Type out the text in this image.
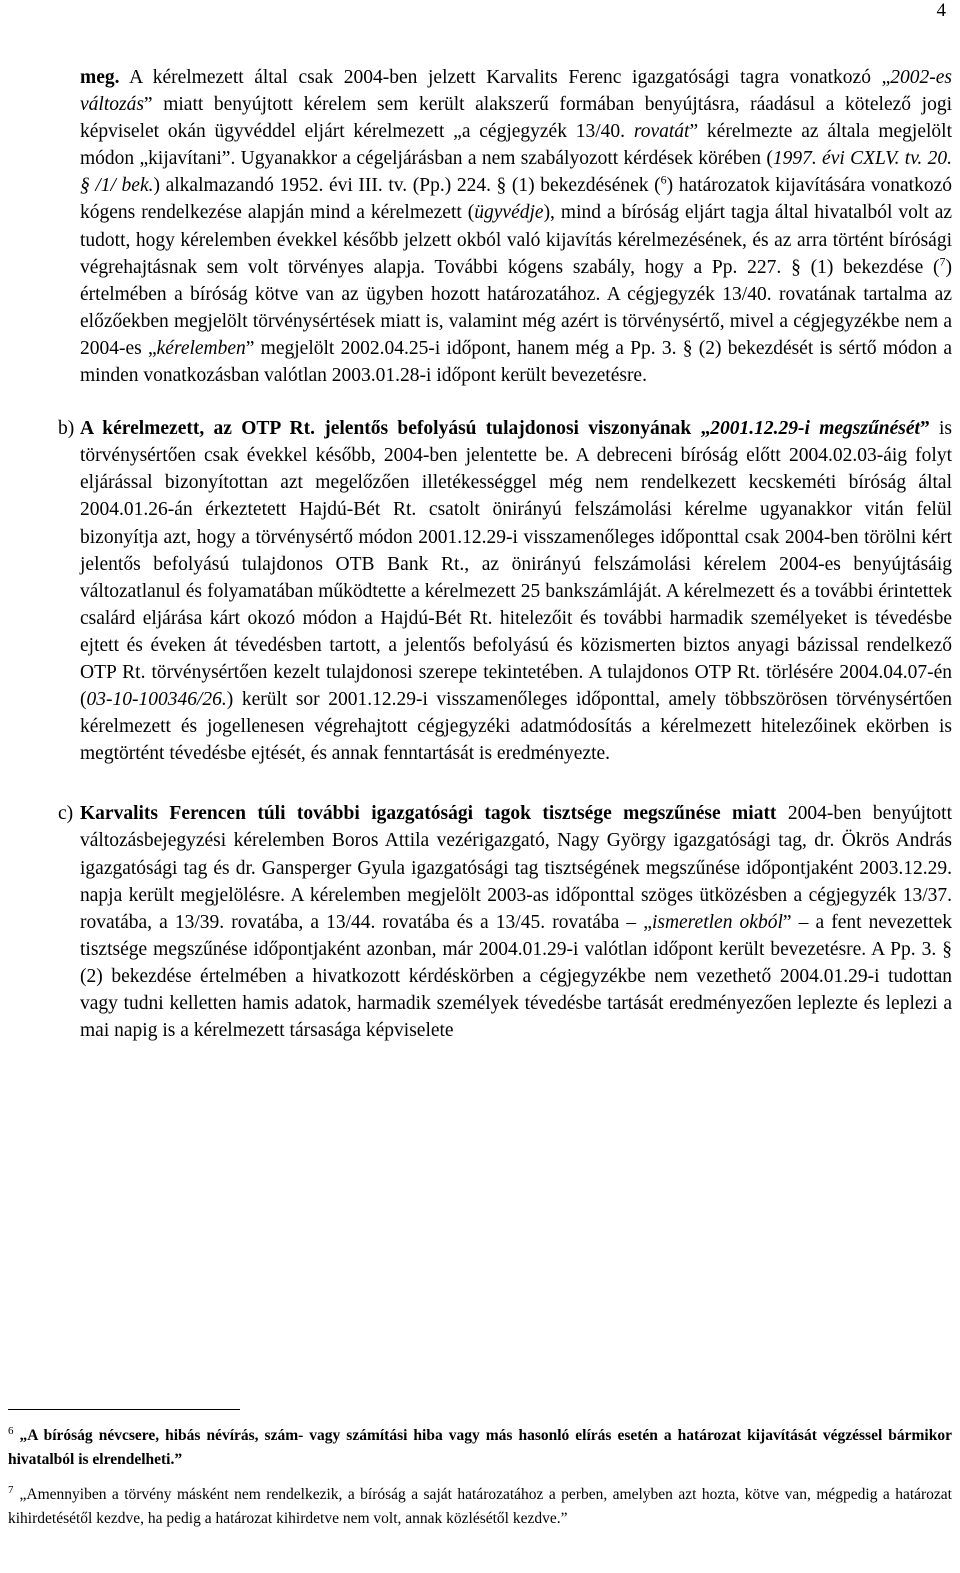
4

meg. A kérelmezett által csak 2004-ben jelzett Karvalits Ferenc igazgatósági tagra vonatkozó „2002-es változás” miatt benyújtott kérelem sem került alakszerű formában benyújtásra, ráadásul a kötelező jogi képviselet okán ügyvéddel eljárt kérelmezett „a cégjegyzék 13/40. rovatát” kérelmezte az általa megjelölt módon „kijavítani”. Ugyanakkor a cégeljárásban a nem szabályozott kérdések körében (1997. évi CXLV. tv. 20. § /1/ bek.) alkalmazandó 1952. évi III. tv. (Pp.) 224. § (1) bekezdésének ($^6$) határozatok kijavítására vonatkozó kógens rendelkezése alapján mind a kérelmezett (ügyvédje), mind a bíróság eljárt tagja által hivatalból volt az tudott, hogy kérelemben évekkel később jelzett okból való kijavítás kérelmezésének, és az arra történt bírósági végrehajtásnak sem volt törvényes alapja. További kógens szabály, hogy a Pp. 227. § (1) bekezdése ($^7$) értelmében a bíróság kötve van az ügyben hozott határozatához. A cégjegyzék 13/40. rovatának tartalma az előzőekben megjelölt törvénysértések miatt is, valamint még azért is törvénysértő, mivel a cégjegyzékbe nem a 2004-es „kérelemben” megjelölt 2002.04.25-i időpont, hanem még a Pp. 3. § (2) bekezdését is sértő módon a minden vonatkozásban valótlan 2003.01.28-i időpont került bevezetésre.

b) A kérelmezett, az OTP Rt. jelentős befolyású tulajdonosi viszonyának „2001.12.29-i megszűnését” is törvénysértően csak évekkel később, 2004-ben jelentette be. A debreceni bíróság előtt 2004.02.03-áig folyt eljárással bizonyítottan azt megelőzően illetékességgel még nem rendelkezett kecskeméti bíróság által 2004.01.26-án érkeztetett Hajdú-Bét Rt. csatolt önirányú felszámolási kérelme ugyanakkor vitán felül bizonyítja azt, hogy a törvénysértő módon 2001.12.29-i visszamenőleges időponttal csak 2004-ben törölni kért jelentős befolyású tulajdonos OTB Bank Rt., az önirányú felszámolási kérelem 2004-es benyújtásáig változatlanul és folyamatában működtette a kérelmezett 25 bankszámláját. A kérelmezett és a további érintettek csalárd eljárása kárt okozó módon a Hajdú-Bét Rt. hitelezőit és további harmadik személyeket is tévedésbe ejtett és éveken át tévedésben tartott, a jelentős befolyású és közismerten biztos anyagi bázissal rendelkező OTP Rt. törvénysértően kezelt tulajdonosi szerepe tekintetében. A tulajdonos OTP Rt. törlésére 2004.04.07-én (03-10-100346/26.) került sor 2001.12.29-i visszamenőleges időponttal, amely többszörösen törvénysértően kérelmezett és jogellenesen végrehajtott cégjegyzéki adatmódosítás a kérelmezett hitelezőinek ekörben is megtörtént tévedésbe ejtését, és annak fenntartását is eredményezte.

c) Karvalits Ferencen túli további igazgatósági tagok tisztsége megszűnése miatt 2004-ben benyújtott változásbejegyzési kérelemben Boros Attila vezérigazgató, Nagy György igazgatósági tag, dr. Ökrös András igazgatósági tag és dr. Gansperger Gyula igazgatósági tag tisztségének megszűnése időpontjaként 2003.12.29. napja került megjelölésre. A kérelemben megjelölt 2003-as időponttal szöges ütközésben a cégjegyzék 13/37. rovatába, a 13/39. rovatába, a 13/44. rovatába és a 13/45. rovatába – „ismeretlen okból” – a fent nevezettek tisztsége megszűnése időpontjaként azonban, már 2004.01.29-i valótlan időpont került bevezetésre. A Pp. 3. § (2) bekezdése értelmében a hivatkozott kérdéskörben a cégjegyzékbe nem vezethető 2004.01.29-i tudottan vagy tudni kelletten hamis adatok, harmadik személyek tévedésbe tartását eredményezően leplezte és leplezi a mai napig is a kérelmezett társasága képviselete

$^6$ „A bíróság névcsere, hibás névírás, szám- vagy számítási hiba vagy más hasonló elírás esetén a határozat kijavítását végzéssel bármikor hivatalból is elrendelheti.”

$^7$ „Amennyiben a törvény másként nem rendelkezik, a bíróság a saját határozatához a perben, amelyben azt hozta, kötve van, mégpedig a határozat kihirdetésétől kezdve, ha pedig a határozat kihirdetve nem volt, annak közlésétől kezdve.”
